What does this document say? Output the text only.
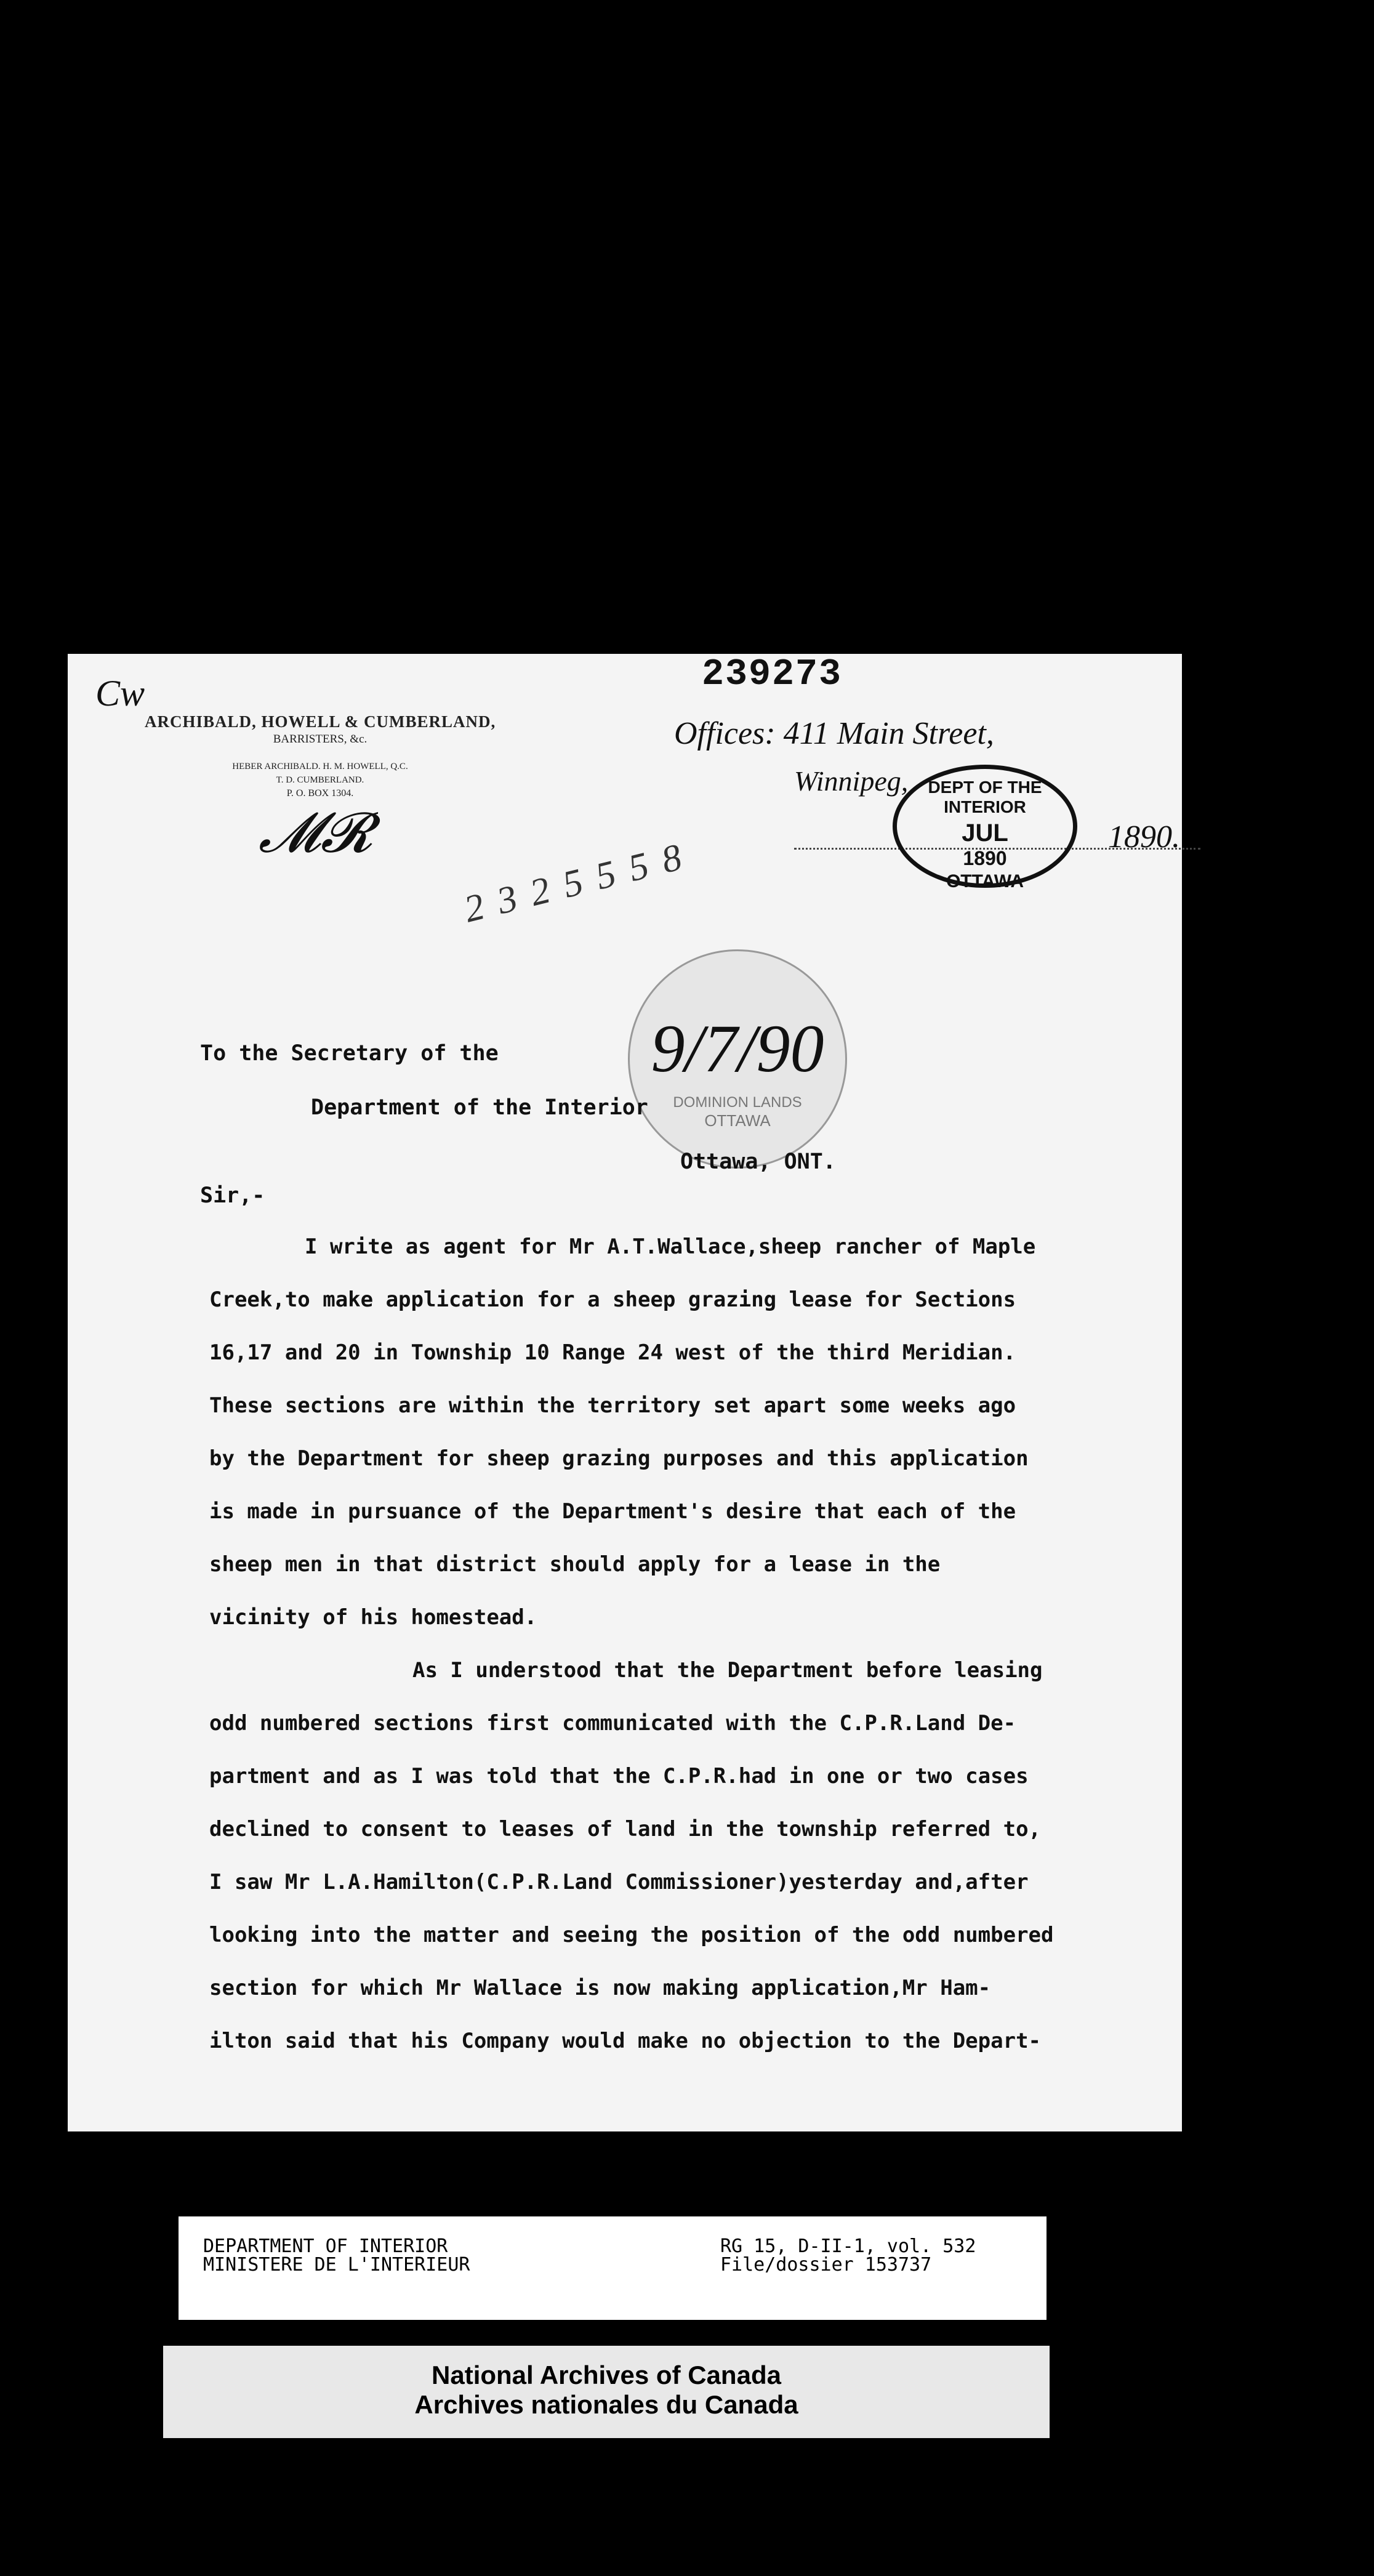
Cw
ARCHIBALD, HOWELL & CUMBERLAND,
BARRISTERS, &c.
HEBER ARCHIBALD. H. M. HOWELL, Q.C.
T. D. CUMBERLAND.
P. O. BOX 1304.
𝓜𝓡
239273
Offices: 411 Main Street,
Winnipeg,
1890.
DEPT OF THE INTERIOR
JUL
1890
OTTAWA
2325558
9/7/90
DOMINION LANDS
OTTAWA
To the Secretary of the
Department of the Interior
Ottawa, ONT.
Sir,-

I write as agent for Mr A.T.Wallace,sheep rancher of Maple

Creek,to make application for a sheep grazing lease for Sections

16,17 and 20 in Township 10 Range 24 west of the third Meridian.

These sections are within the territory set apart some weeks ago

by the Department for sheep grazing purposes and this application

is made in pursuance of the Department's desire that each of the

sheep men in that district should apply for a lease in the

vicinity of his homestead.

As I understood that the Department before leasing

odd numbered sections first communicated with the C.P.R.Land De-

partment and as I was told that the C.P.R.had in one or two cases

declined to consent to leases of land in the township referred to,

I saw Mr L.A.Hamilton(C.P.R.Land Commissioner)yesterday and,after

looking into the matter and seeing the position of the odd numbered

section for which Mr Wallace is now making application,Mr Ham-

ilton said that his Company would make no objection to the Depart-

DEPARTMENT OF INTERIOR
MINISTERE DE L'INTERIEUR
RG 15, D-II-1, vol. 532
File/dossier 153737
National Archives of Canada
Archives nationales du Canada
